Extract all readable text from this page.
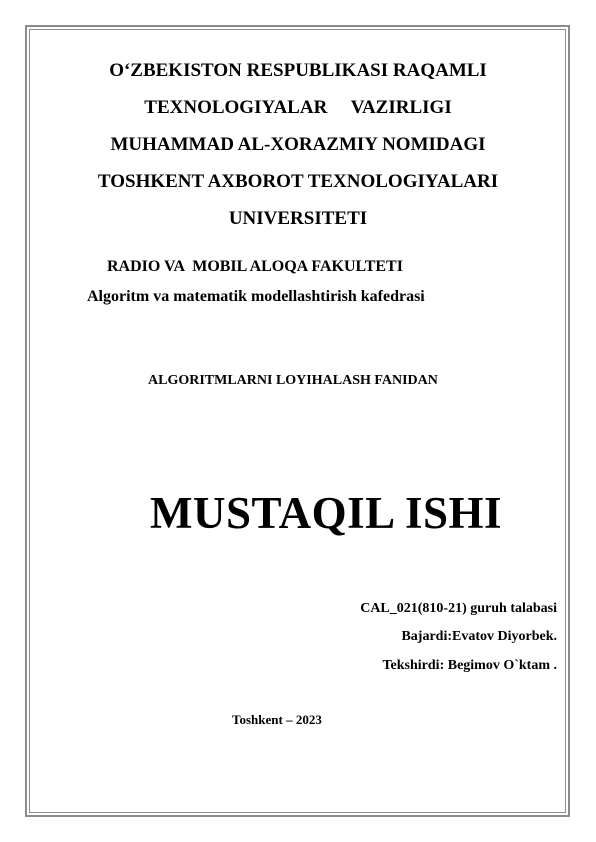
O‘ZBEKISTON RESPUBLIKASI RAQAMLI
TEXNOLOGIYALAR     VAZIRLIGI
MUHAMMAD AL-XORAZMIY NOMIDAGI
TOSHKENT AXBOROT TEXNOLOGIYALARI
UNIVERSITETI
RADIO VA  MOBIL ALOQA FAKULTETI
Algoritm va matematik modellashtirish kafedrasi
ALGORITMLARNI LOYIHALASH FANIDAN
MUSTAQIL ISHI
CAL_021(810-21) guruh talabasi
Bajardi:Evatov Diyorbek.
Tekshirdi: Begimov O`ktam .
Toshkent – 2023
